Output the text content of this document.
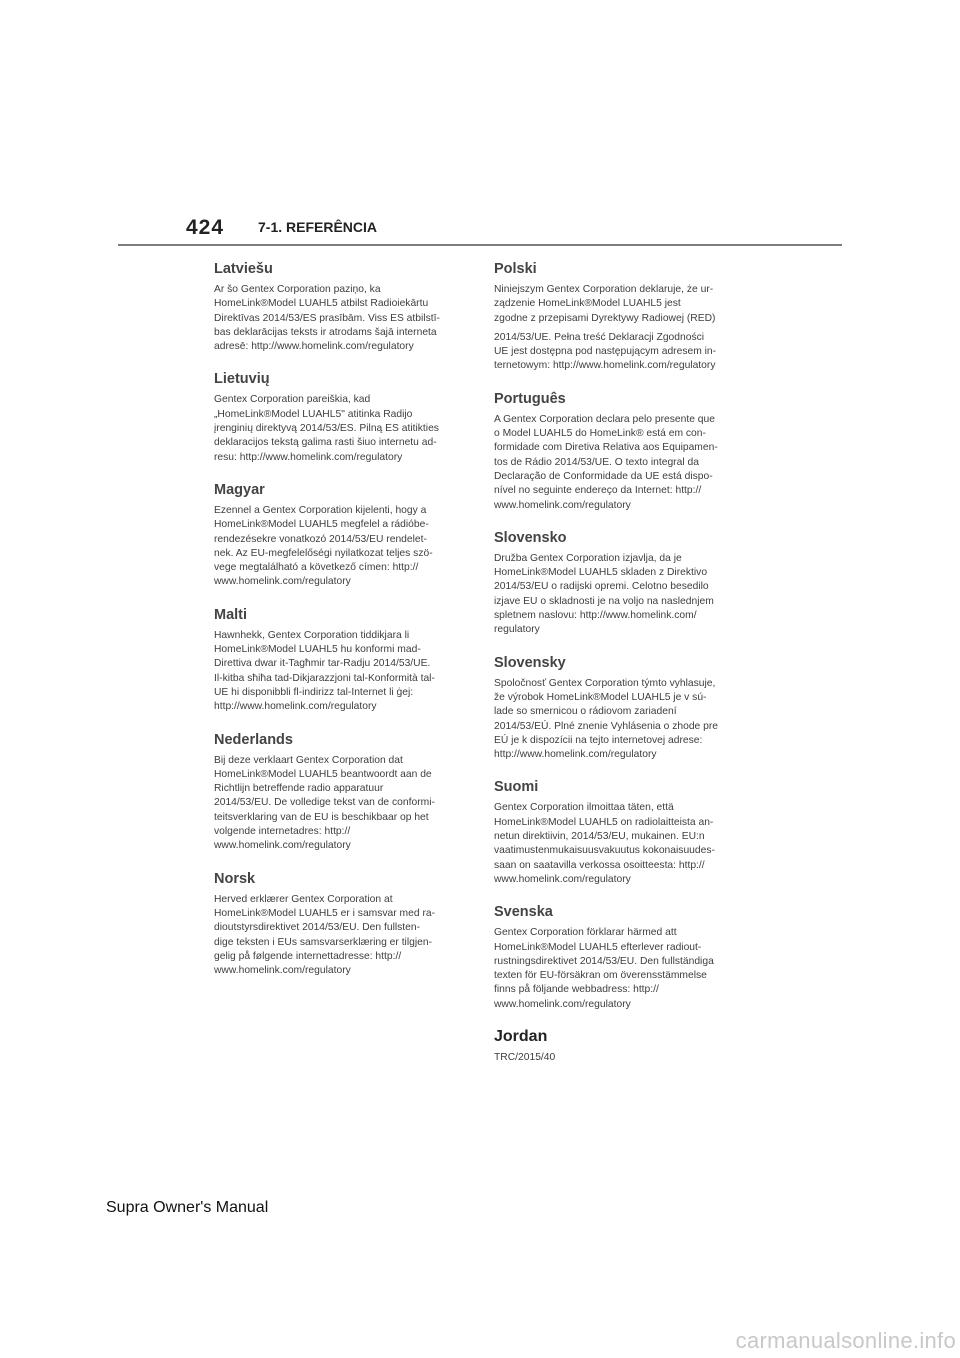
424 7-1. REFERÊNCIA
Latviešu
Ar šo Gentex Corporation paziņo, ka
HomeLink®Model LUAHL5 atbilst Radioiekārtu
Direktīvas 2014/53/ES prasībām. Viss ES atbilstī-
bas deklarācijas teksts ir atrodams šajā interneta
adresē: http://www.homelink.com/regulatory
Lietuvių
Gentex Corporation pareiškia, kad
„HomeLink®Model LUAHL5" atitinka Radijo
įrenginių direktyvą 2014/53/ES. Pilną ES atitikties
deklaracijos tekstą galima rasti šiuo internetu ad-
resu: http://www.homelink.com/regulatory
Magyar
Ezennel a Gentex Corporation kijelenti, hogy a
HomeLink®Model LUAHL5 megfelel a rádióbe-
rendezésekre vonatkozó 2014/53/EU rendelet-
nek. Az EU-megfelelőségi nyilatkozat teljes szö-
vege megtalálható a következő címen: http://
www.homelink.com/regulatory
Malti
Hawnhekk, Gentex Corporation tiddikjara li
HomeLink®Model LUAHL5 hu konformi mad-
Direttiva dwar it-Tagħmir tar-Radju 2014/53/UE.
Il-kitba sħiħa tad-Dikjarazzjoni tal-Konformità tal-
UE hi disponibbli fl-indirizz tal-Internet li ġej:
http://www.homelink.com/regulatory
Nederlands
Bij deze verklaart Gentex Corporation dat
HomeLink®Model LUAHL5 beantwoordt aan de
Richtlijn betreffende radio apparatuur
2014/53/EU. De volledige tekst van de conformi-
teitsverklaring van de EU is beschikbaar op het
volgende internetadres: http://
www.homelink.com/regulatory
Norsk
Herved erklærer Gentex Corporation at
HomeLink®Model LUAHL5 er i samsvar med ra-
dioutstyrsdirektivet 2014/53/EU. Den fullsten-
dige teksten i EUs samsvarserklæring er tilgjen-
gelig på følgende internettadresse: http://
www.homelink.com/regulatory
Polski
Niniejszym Gentex Corporation deklaruje, że ur-
ządzenie HomeLink®Model LUAHL5 jest
zgodne z przepisami Dyrektywy Radiowej (RED)
2014/53/UE. Pełna treść Deklaracji Zgodności
UE jest dostępna pod następującym adresem in-
ternetowym: http://www.homelink.com/regulatory
Português
A Gentex Corporation declara pelo presente que
o Model LUAHL5 do HomeLink® está em con-
formidade com Diretiva Relativa aos Equipamen-
tos de Rádio 2014/53/UE. O texto integral da
Declaração de Conformidade da UE está dispo-
nível no seguinte endereço da Internet: http://
www.homelink.com/regulatory
Slovensko
Družba Gentex Corporation izjavlja, da je
HomeLink®Model LUAHL5 skladen z Direktivo
2014/53/EU o radijski opremi. Celotno besedilo
izjave EU o skladnosti je na voljo na naslednjem
spletnem naslovu: http://www.homelink.com/
regulatory
Slovensky
Spoločnosť Gentex Corporation týmto vyhlasuje,
že výrobok HomeLink®Model LUAHL5 je v sú-
lade so smernicou o rádiovom zariadení
2014/53/EÚ. Plné znenie Vyhlásenia o zhode pre
EÚ je k dispozícii na tejto internetovej adrese:
http://www.homelink.com/regulatory
Suomi
Gentex Corporation ilmoittaa täten, että
HomeLink®Model LUAHL5 on radiolaitteista an-
netun direktiivin, 2014/53/EU, mukainen. EU:n
vaatimustenmukaisuusvakuutus kokonaisuudes-
saan on saatavilla verkossa osoitteesta: http://
www.homelink.com/regulatory
Svenska
Gentex Corporation förklarar härmed att
HomeLink®Model LUAHL5 efterlever radiout-
rustningsdirektivet 2014/53/EU. Den fullständiga
texten för EU-försäkran om överensstämmelse
finns på följande webbadress: http://
www.homelink.com/regulatory
Jordan
TRC/2015/40
Supra Owner's Manual
carmanualsonline.info
